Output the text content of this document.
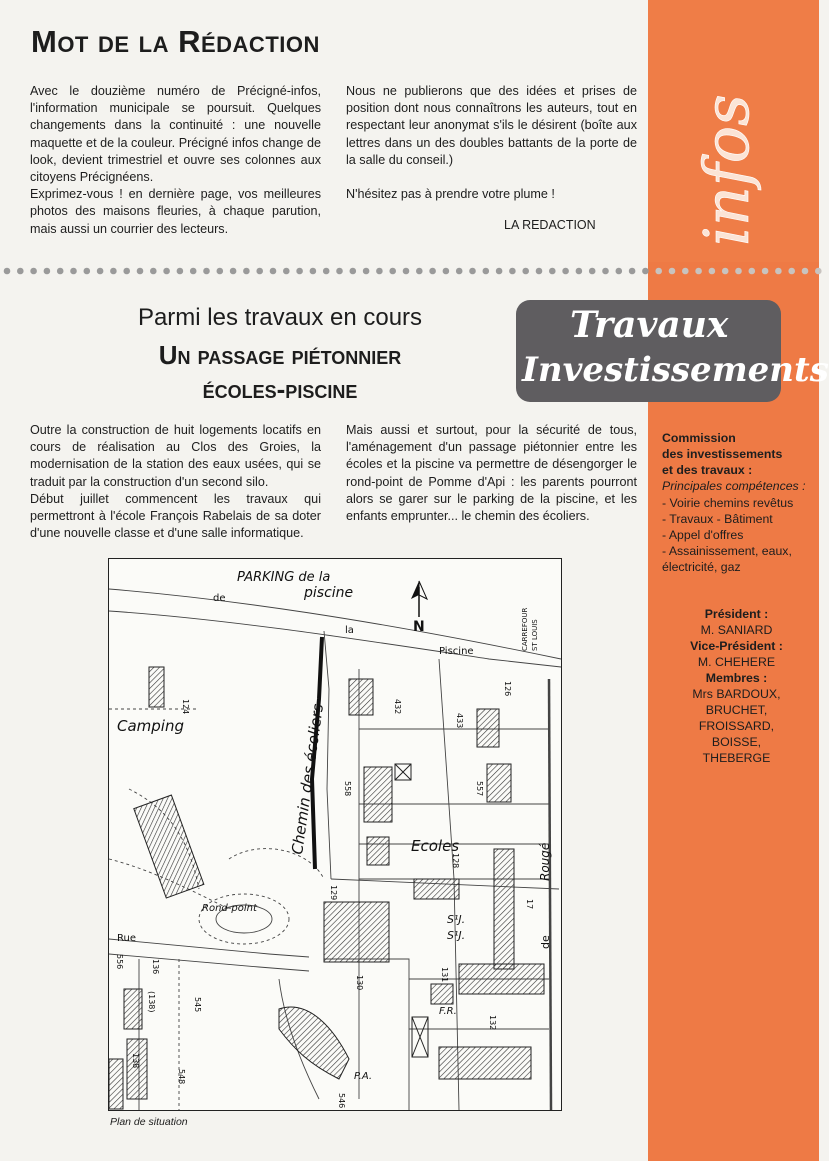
infos
Mot de la Rédaction

Avec le douzième numéro de Précigné-infos, l'information municipale se poursuit. Quelques changements dans la continuité : une nouvelle maquette et de la couleur. Précigné infos change de look, devient trimestriel et ouvre ses colonnes aux citoyens Précignéens.

Exprimez-vous ! en dernière page, vos meilleures photos des maisons fleuries, à chaque parution, mais aussi un courrier des lecteurs.

Nous ne publierons que des idées et prises de position dont nous connaîtrons les auteurs, tout en respectant leur anonymat s'ils le désirent (boîte aux lettres dans un des doubles battants de la porte de la salle du conseil.)

N'hésitez pas à prendre votre plume !

LA REDACTION

Parmi les travaux en cours

Un passage piétonnier
écoles-piscine

Travaux

Investissements

Outre la construction de huit logements locatifs en cours de réalisation au Clos des Groies, la modernisation de la station des eaux usées, qui se traduit par la construction d'un second silo.

Début juillet commencent les travaux qui permettront à l'école François Rabelais de sa doter d'une nouvelle classe et d'une salle informatique.

Mais aussi et surtout, pour la sécurité de tous, l'aménagement d'un passage piétonnier entre les écoles et la piscine va permettre de désengorger le rond-point de Pomme d'Api : les parents pourront alors se garer sur le parking de la piscine, et les enfants emprunter... le chemin des écoliers.

Commission
des investissements
et des travaux :
Principales compétences :
- Voirie chemins revêtus
- Travaux - Bâtiment
- Appel d'offres
- Assainissement, eaux,
électricité, gaz
Président :
M. SANIARD
Vice-Président :
M. CHEHERE
Membres :
Mrs BARDOUX,
BRUCHET,
FROISSARD,
BOISSE,
THEBERGE
PARKING de la
piscine
N
de
la
Piscine
CARREFOUR ST LOUIS
Camping	Chemin des écoliers	Ecoles	Rougé
de
Rond-point
Rue
S¹J.
S¹J.
F.R.
P.A.
124	432
433
126
558	557
128
129
130
131
132
545
548
556	136
138
(138)
546
17

Plan de situation
